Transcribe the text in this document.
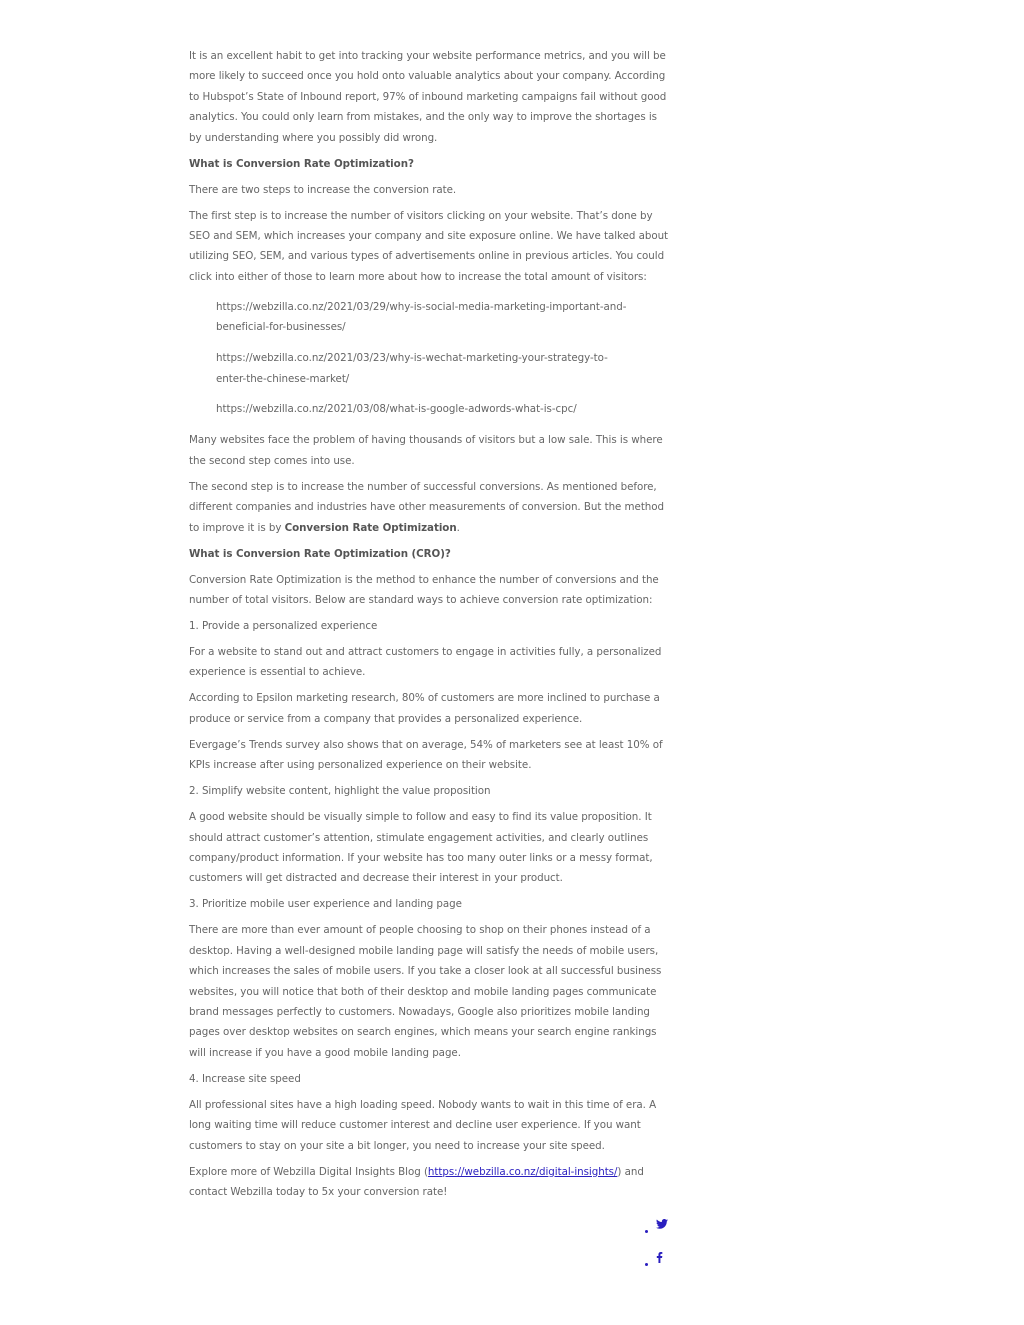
It is an excellent habit to get into tracking your website performance metrics, and you will be more likely to succeed once you hold onto valuable analytics about your company. According to Hubspot’s State of Inbound report, 97% of inbound marketing campaigns fail without good analytics. You could only learn from mistakes, and the only way to improve the shortages is by understanding where you possibly did wrong.

What is Conversion Rate Optimization?

There are two steps to increase the conversion rate.

The first step is to increase the number of visitors clicking on your website. That’s done by SEO and SEM, which increases your company and site exposure online. We have talked about utilizing SEO, SEM, and various types of advertisements online in previous articles. You could click into either of those to learn more about how to increase the total amount of visitors:

https://webzilla.co.nz/2021/03/29/why-is-social-media-marketing-important-and-beneficial-for-businesses/

https://webzilla.co.nz/2021/03/23/why-is-wechat-marketing-your-strategy-to-enter-the-chinese-market/

https://webzilla.co.nz/2021/03/08/what-is-google-adwords-what-is-cpc/

Many websites face the problem of having thousands of visitors but a low sale. This is where the second step comes into use.

The second step is to increase the number of successful conversions. As mentioned before, different companies and industries have other measurements of conversion. But the method to improve it is by Conversion Rate Optimization.

What is Conversion Rate Optimization (CRO)?

Conversion Rate Optimization is the method to enhance the number of conversions and the number of total visitors. Below are standard ways to achieve conversion rate optimization:

1. Provide a personalized experience

For a website to stand out and attract customers to engage in activities fully, a personalized experience is essential to achieve.

According to Epsilon marketing research, 80% of customers are more inclined to purchase a produce or service from a company that provides a personalized experience.

Evergage’s Trends survey also shows that on average, 54% of marketers see at least 10% of KPIs increase after using personalized experience on their website.

2. Simplify website content, highlight the value proposition

A good website should be visually simple to follow and easy to find its value proposition. It should attract customer’s attention, stimulate engagement activities, and clearly outlines company/product information. If your website has too many outer links or a messy format, customers will get distracted and decrease their interest in your product.

3. Prioritize mobile user experience and landing page

There are more than ever amount of people choosing to shop on their phones instead of a desktop. Having a well-designed mobile landing page will satisfy the needs of mobile users, which increases the sales of mobile users. If you take a closer look at all successful business websites, you will notice that both of their desktop and mobile landing pages communicate brand messages perfectly to customers. Nowadays, Google also prioritizes mobile landing pages over desktop websites on search engines, which means your search engine rankings will increase if you have a good mobile landing page.

4. Increase site speed

All professional sites have a high loading speed. Nobody wants to wait in this time of era. A long waiting time will reduce customer interest and decline user experience. If you want customers to stay on your site a bit longer, you need to increase your site speed.

Explore more of Webzilla Digital Insights Blog (https://webzilla.co.nz/digital-insights/) and contact Webzilla today to 5x your conversion rate!
